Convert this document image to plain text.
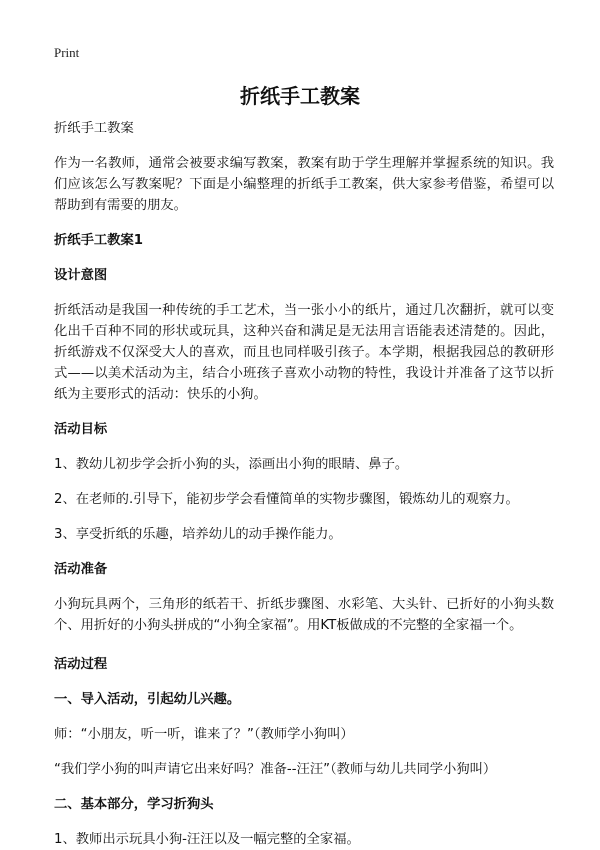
Print
折纸手工教案

折纸手工教案

作为一名教师，通常会被要求编写教案，教案有助于学生理解并掌握系统的知识。我们应该怎么写教案呢？下面是小编整理的折纸手工教案，供大家参考借鉴，希望可以帮助到有需要的朋友。

折纸手工教案1

设计意图

折纸活动是我国一种传统的手工艺术，当一张小小的纸片，通过几次翻折，就可以变化出千百种不同的形状或玩具，这种兴奋和满足是无法用言语能表述清楚的。因此，折纸游戏不仅深受大人的喜欢，而且也同样吸引孩子。本学期，根据我园总的教研形式——以美术活动为主，结合小班孩子喜欢小动物的特性，我设计并准备了这节以折纸为主要形式的活动：快乐的小狗。

活动目标

1、教幼儿初步学会折小狗的头，添画出小狗的眼睛、鼻子。

2、在老师的.引导下，能初步学会看懂简单的实物步骤图，锻炼幼儿的观察力。

3、享受折纸的乐趣，培养幼儿的动手操作能力。

活动准备

小狗玩具两个，三角形的纸若干、折纸步骤图、水彩笔、大头针、已折好的小狗头数个、用折好的小狗头拼成的“小狗全家福”。用KT板做成的不完整的全家福一个。

活动过程

一、导入活动，引起幼儿兴趣。

师：“小朋友，听一听，谁来了？”（教师学小狗叫）

“我们学小狗的叫声请它出来好吗？准备--汪汪”（教师与幼儿共同学小狗叫）

二、基本部分，学习折狗头

1、教师出示玩具小狗-汪汪以及一幅完整的全家福。
